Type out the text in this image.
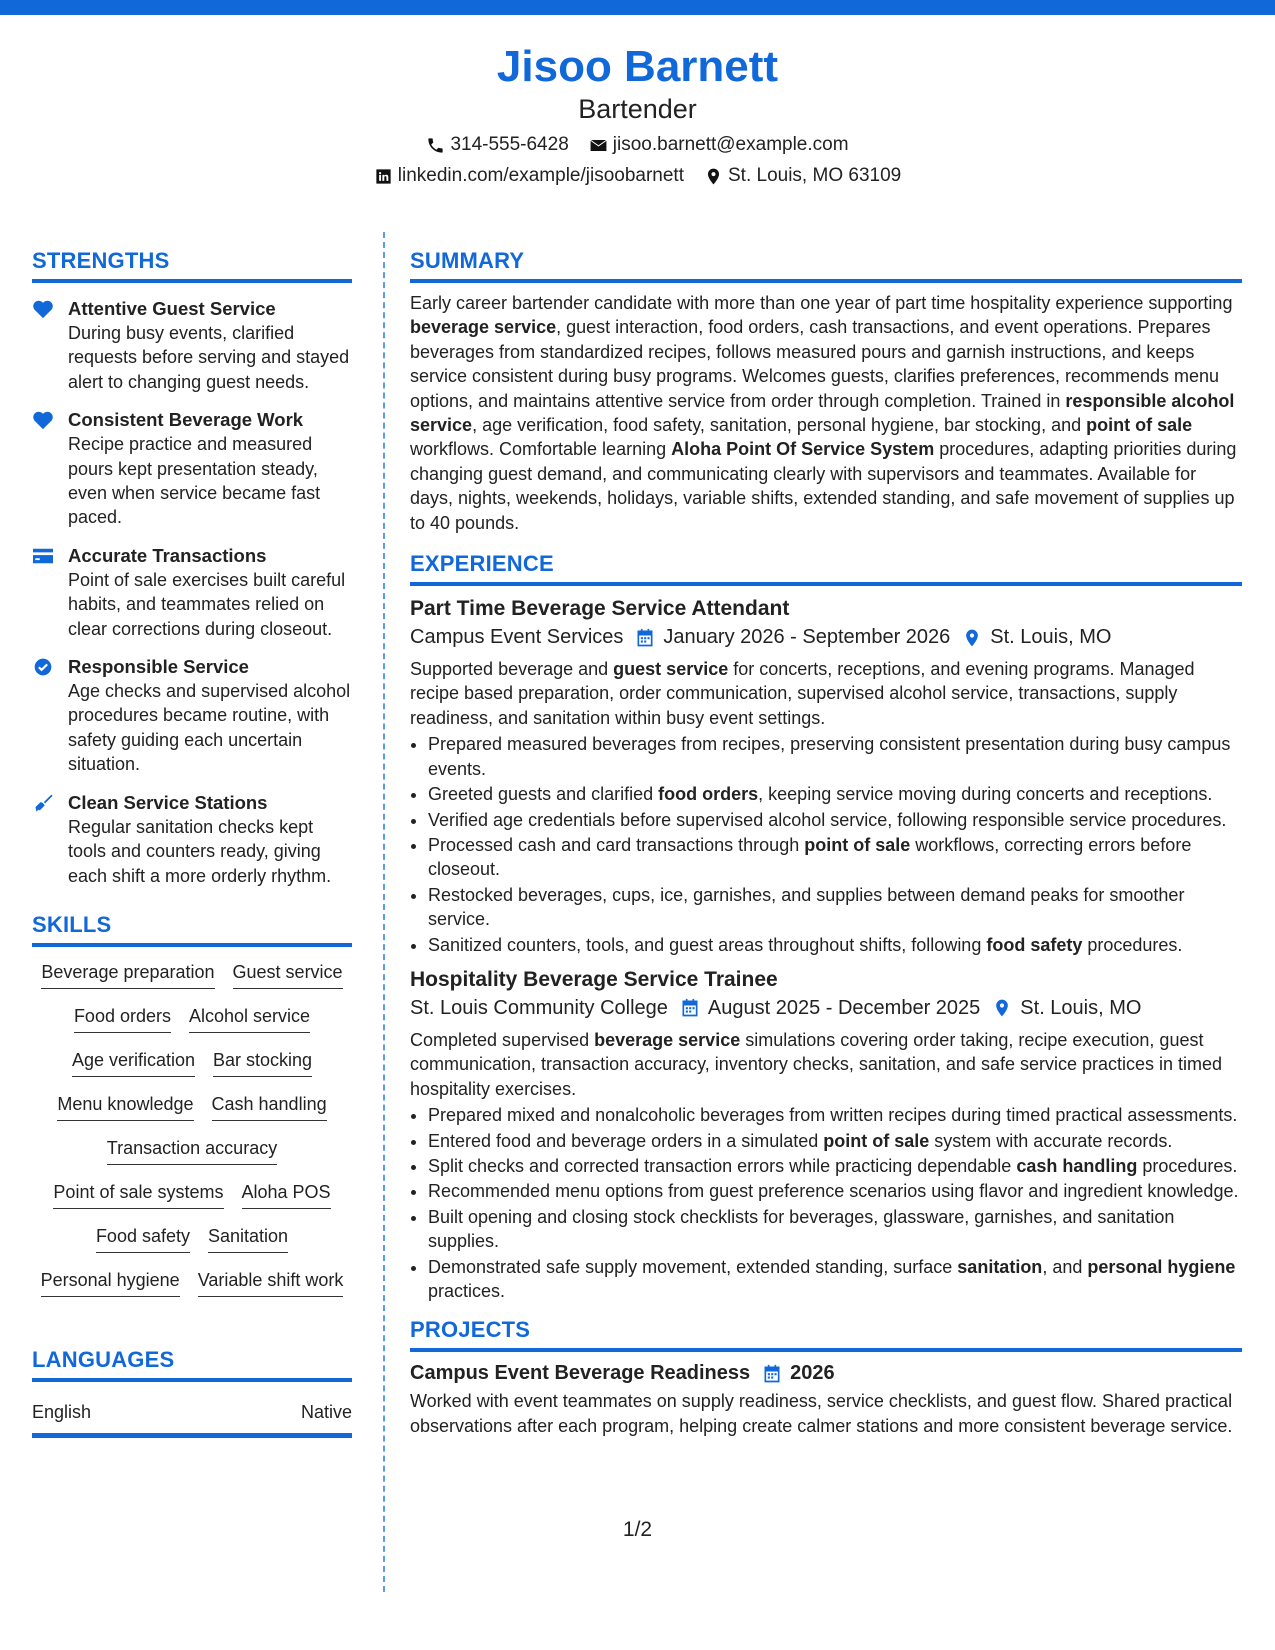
Jisoo Barnett
Bartender
314-555-6428 jisoo.barnett@example.com
linkedin.com/example/jisoobarnett St. Louis, MO 63109
STRENGTHS
Attentive Guest Service
During busy events, clarified requests before serving and stayed alert to changing guest needs.
Consistent Beverage Work
Recipe practice and measured pours kept presentation steady, even when service became fast paced.
Accurate Transactions
Point of sale exercises built careful habits, and teammates relied on clear corrections during closeout.
Responsible Service
Age checks and supervised alcohol procedures became routine, with safety guiding each uncertain situation.
Clean Service Stations
Regular sanitation checks kept tools and counters ready, giving each shift a more orderly rhythm.
SKILLS
Beverage preparation Guest service
Food orders Alcohol service
Age verification Bar stocking
Menu knowledge Cash handling
Transaction accuracy
Point of sale systems Aloha POS
Food safety Sanitation
Personal hygiene Variable shift work
LANGUAGES
English	Native
SUMMARY

Early career bartender candidate with more than one year of part time hospitality experience supporting beverage service, guest interaction, food orders, cash transactions, and event operations. Prepares beverages from standardized recipes, follows measured pours and garnish instructions, and keeps service consistent during busy programs. Welcomes guests, clarifies preferences, recommends menu options, and maintains attentive service from order through completion. Trained in responsible alcohol service, age verification, food safety, sanitation, personal hygiene, bar stocking, and point of sale workflows. Comfortable learning Aloha Point Of Service System procedures, adapting priorities during changing guest demand, and communicating clearly with supervisors and teammates. Available for days, nights, weekends, holidays, variable shifts, extended standing, and safe movement of supplies up to 40 pounds.

EXPERIENCE
Part Time Beverage Service Attendant
Campus Event Services January 2026 - September 2026 St. Louis, MO

Supported beverage and guest service for concerts, receptions, and evening programs. Managed recipe based preparation, order communication, supervised alcohol service, transactions, supply readiness, and sanitation within busy event settings.

• Prepared measured beverages from recipes, preserving consistent presentation during busy campus events.
• Greeted guests and clarified food orders, keeping service moving during concerts and receptions.
• Verified age credentials before supervised alcohol service, following responsible service procedures.
• Processed cash and card transactions through point of sale workflows, correcting errors before closeout.
• Restocked beverages, cups, ice, garnishes, and supplies between demand peaks for smoother service.
• Sanitized counters, tools, and guest areas throughout shifts, following food safety procedures.
Hospitality Beverage Service Trainee
St. Louis Community College August 2025 - December 2025 St. Louis, MO

Completed supervised beverage service simulations covering order taking, recipe execution, guest communication, transaction accuracy, inventory checks, sanitation, and safe service practices in timed hospitality exercises.

• Prepared mixed and nonalcoholic beverages from written recipes during timed practical assessments.
• Entered food and beverage orders in a simulated point of sale system with accurate records.
• Split checks and corrected transaction errors while practicing dependable cash handling procedures.
• Recommended menu options from guest preference scenarios using flavor and ingredient knowledge.
• Built opening and closing stock checklists for beverages, glassware, garnishes, and sanitation supplies.
• Demonstrated safe supply movement, extended standing, surface sanitation, and personal hygiene practices.
PROJECTS
Campus Event Beverage Readiness 2026

Worked with event teammates on supply readiness, service checklists, and guest flow. Shared practical observations after each program, helping create calmer stations and more consistent beverage service.

1/2
